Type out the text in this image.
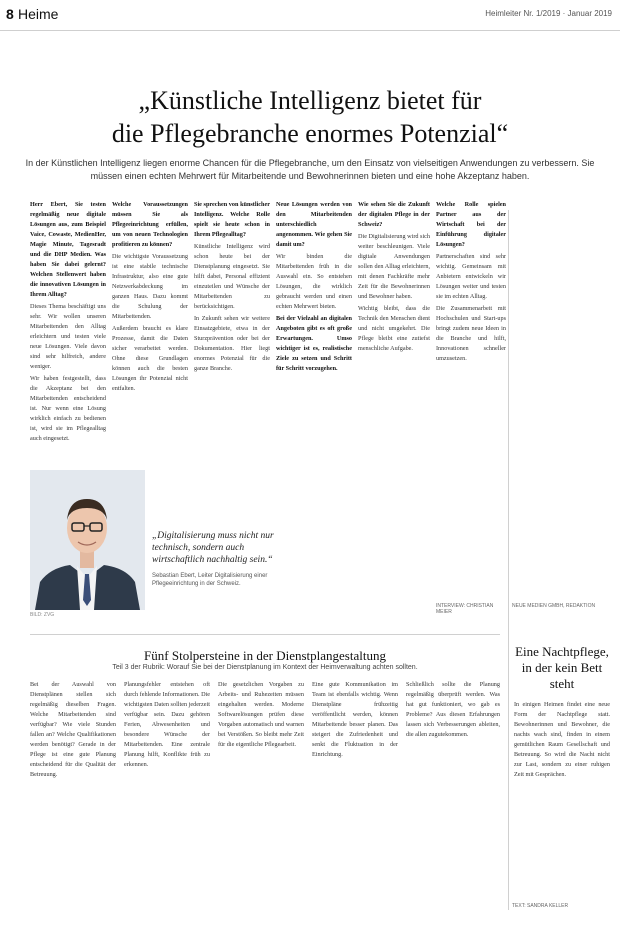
8 Heime	Heimleiter Nr. 1/2019 · Januar 2019
„Künstliche Intelligenz bietet für
die Pflegebranche enormes Potenzial“
In der Künstlichen Intelligenz liegen enorme Chancen für die Pflegebranche, um den Einsatz von vielseitigen Anwendungen zu verbessern. Sie müssen einen echten Mehrwert für Mitarbeitende und Bewohnerinnen bieten und eine hohe Akzeptanz haben.

Herr Ebert, Sie testen regelmäßig neue digitale Lösungen aus, zum Beispiel Vaice, Cowaste, MedienHer, Magie Minute, Tagesradt und die DHP Medien. Was haben Sie dabei gelernt? Welchen Stellenwert haben die innovativen Lösungen in Ihrem Alltag?

Dieses Thema beschäftigt uns sehr. Wir wollen unseren Mitarbeitenden den Alltag erleichtern und testen viele neue Lösungen. Viele davon sind sehr hilfreich, andere weniger.

Wir haben festgestellt, dass die Akzeptanz bei den Mitarbeitenden entscheidend ist. Nur wenn eine Lösung wirklich einfach zu bedienen ist, wird sie im Pflegealltag auch eingesetzt.

Welche Voraussetzungen müssen Sie als Pflegeeinrichtung erfüllen, um von neuen Technologien profitieren zu können?

Die wichtigste Voraussetzung ist eine stabile technische Infrastruktur, also eine gute Netzwerkabdeckung im ganzen Haus. Dazu kommt die Schulung der Mitarbeitenden.

Außerdem braucht es klare Prozesse, damit die Daten sicher verarbeitet werden. Ohne diese Grundlagen können auch die besten Lösungen ihr Potenzial nicht entfalten.

Sie sprechen von künstlicher Intelligenz. Welche Rolle spielt sie heute schon in Ihrem Pflegealltag?

Künstliche Intelligenz wird schon heute bei der Dienstplanung eingesetzt. Sie hilft dabei, Personal effizient einzuteilen und Wünsche der Mitarbeitenden zu berücksichtigen.

In Zukunft sehen wir weitere Einsatzgebiete, etwa in der Sturzprävention oder bei der Dokumentation. Hier liegt enormes Potenzial für die ganze Branche.

Neue Lösungen werden von den Mitarbeitenden unterschiedlich angenommen. Wie gehen Sie damit um?

Wir binden die Mitarbeitenden früh in die Auswahl ein. So entstehen Lösungen, die wirklich gebraucht werden und einen echten Mehrwert bieten.

Bei der Vielzahl an digitalen Angeboten gibt es oft große Erwartungen. Umso wichtiger ist es, realistische Ziele zu setzen und Schritt für Schritt vorzugehen.

Wie sehen Sie die Zukunft der digitalen Pflege in der Schweiz?

Die Digitalisierung wird sich weiter beschleunigen. Viele digitale Anwendungen sollen den Alltag erleichtern, mit denen Fachkräfte mehr Zeit für die Bewohnerinnen und Bewohner haben.

Wichtig bleibt, dass die Technik den Menschen dient und nicht umgekehrt. Die Pflege bleibt eine zutiefst menschliche Aufgabe.

Welche Rolle spielen Partner aus der Wirtschaft bei der Einführung digitaler Lösungen?

Partnerschaften sind sehr wichtig. Gemeinsam mit Anbietern entwickeln wir Lösungen weiter und testen sie im echten Alltag.

Die Zusammenarbeit mit Hochschulen und Start-ups bringt zudem neue Ideen in die Branche und hilft, Innovationen schneller umzusetzen.

INTERVIEW: CHRISTIAN MEIER
„Digitalisierung muss nicht nur technisch, sondern auch wirtschaftlich nachhaltig sein.“
Sebastian Ebert, Leiter Digitalisierung einer Pflegeeinrichtung in der Schweiz.
BILD: ZVG
Fünf Stolpersteine in der Dienstplangestaltung
Teil 3 der Rubrik: Worauf Sie bei der Dienstplanung im Kontext der Heimverwaltung achten sollten.
Bei der Auswahl von Dienstplänen stellen sich regelmäßig dieselben Fragen. Welche Mitarbeitenden sind verfügbar? Wie viele Stunden fallen an? Welche Qualifikationen werden benötigt? Gerade in der Pflege ist eine gute Planung entscheidend für die Qualität der Betreuung.
Planungsfehler entstehen oft durch fehlende Informationen. Die wichtigsten Daten sollten jederzeit verfügbar sein. Dazu gehören Ferien, Abwesenheiten und besondere Wünsche der Mitarbeitenden. Eine zentrale Planung hilft, Konflikte früh zu erkennen.
Die gesetzlichen Vorgaben zu Arbeits- und Ruhezeiten müssen eingehalten werden. Moderne Softwarelösungen prüfen diese Vorgaben automatisch und warnen bei Verstößen. So bleibt mehr Zeit für die eigentliche Pflegearbeit.
Eine gute Kommunikation im Team ist ebenfalls wichtig. Wenn Dienstpläne frühzeitig veröffentlicht werden, können Mitarbeitende besser planen. Das steigert die Zufriedenheit und senkt die Fluktuation in der Einrichtung.
Schließlich sollte die Planung regelmäßig überprüft werden. Was hat gut funktioniert, wo gab es Probleme? Aus diesen Erfahrungen lassen sich Verbesserungen ableiten, die allen zugutekommen.
NEUE MEDIEN GMBH, REDAKTION
Eine Nachtpflege, in der kein Bett steht
In einigen Heimen findet eine neue Form der Nachtpflege statt. Bewohnerinnen und Bewohner, die nachts wach sind, finden in einem gemütlichen Raum Gesellschaft und Betreuung. So wird die Nacht nicht zur Last, sondern zu einer ruhigen Zeit mit Gesprächen.
TEXT: SANDRA KELLER
